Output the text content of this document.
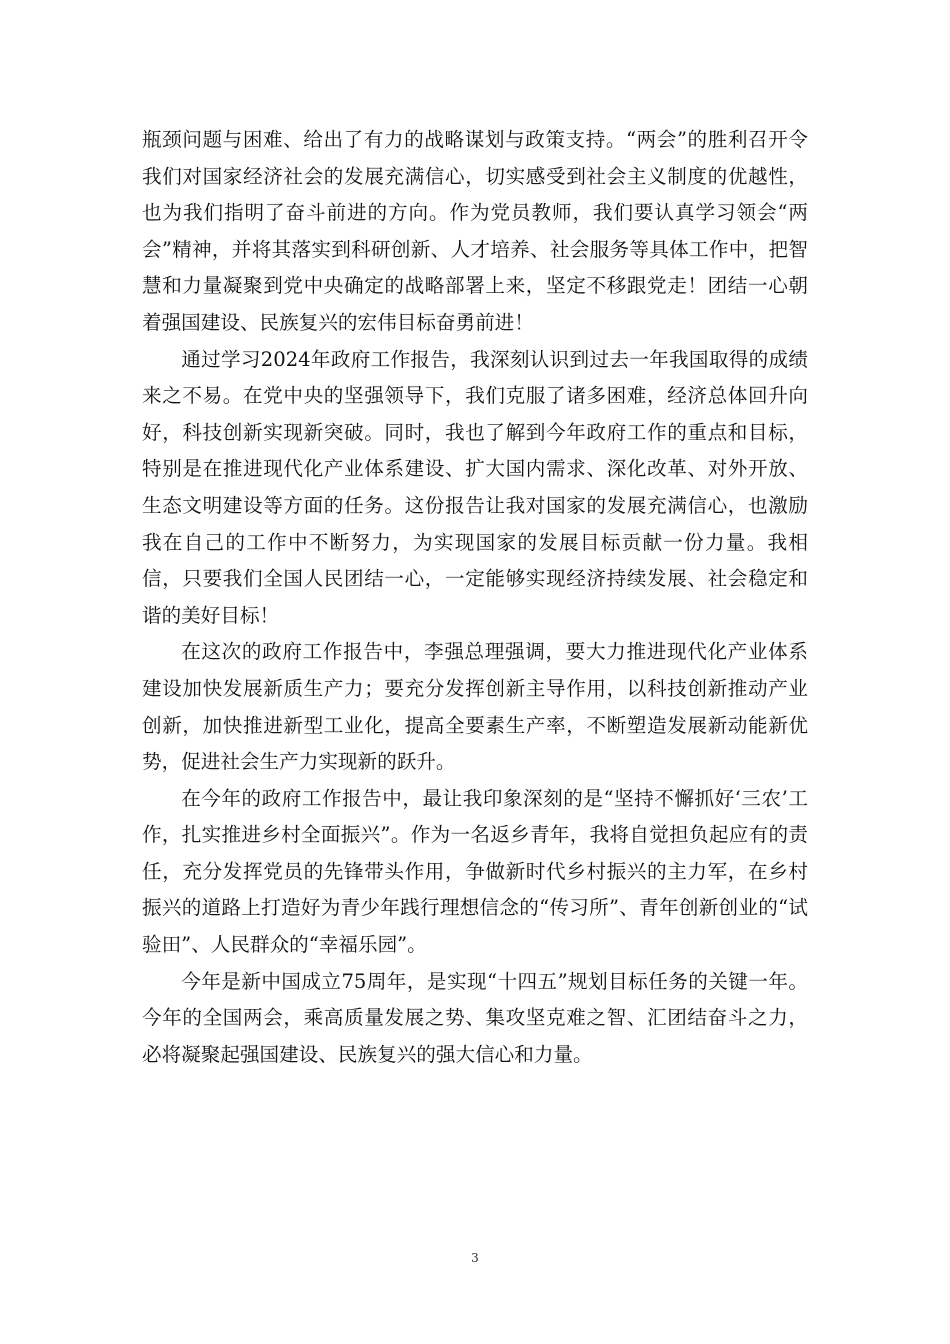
瓶颈问题与困难、给出了有力的战略谋划与政策支持。“两会”的胜利召开令我们对国家经济社会的发展充满信心，切实感受到社会主义制度的优越性，也为我们指明了奋斗前进的方向。作为党员教师，我们要认真学习领会“两会”精神，并将其落实到科研创新、人才培养、社会服务等具体工作中，把智慧和力量凝聚到党中央确定的战略部署上来，坚定不移跟党走！团结一心朝着强国建设、民族复兴的宏伟目标奋勇前进！

通过学习2024年政府工作报告，我深刻认识到过去一年我国取得的成绩来之不易。在党中央的坚强领导下，我们克服了诸多困难，经济总体回升向好，科技创新实现新突破。同时，我也了解到今年政府工作的重点和目标，特别是在推进现代化产业体系建设、扩大国内需求、深化改革、对外开放、生态文明建设等方面的任务。这份报告让我对国家的发展充满信心，也激励我在自己的工作中不断努力，为实现国家的发展目标贡献一份力量。我相信，只要我们全国人民团结一心，一定能够实现经济持续发展、社会稳定和谐的美好目标！

在这次的政府工作报告中，李强总理强调，要大力推进现代化产业体系建设加快发展新质生产力；要充分发挥创新主导作用，以科技创新推动产业创新，加快推进新型工业化，提高全要素生产率，不断塑造发展新动能新优势，促进社会生产力实现新的跃升。

在今年的政府工作报告中，最让我印象深刻的是“坚持不懈抓好‘三农’工作，扎实推进乡村全面振兴”。作为一名返乡青年，我将自觉担负起应有的责任，充分发挥党员的先锋带头作用，争做新时代乡村振兴的主力军，在乡村振兴的道路上打造好为青少年践行理想信念的“传习所”、青年创新创业的“试验田”、人民群众的“幸福乐园”。

今年是新中国成立75周年，是实现“十四五”规划目标任务的关键一年。今年的全国两会，乘高质量发展之势、集攻坚克难之智、汇团结奋斗之力，必将凝聚起强国建设、民族复兴的强大信心和力量。

3
